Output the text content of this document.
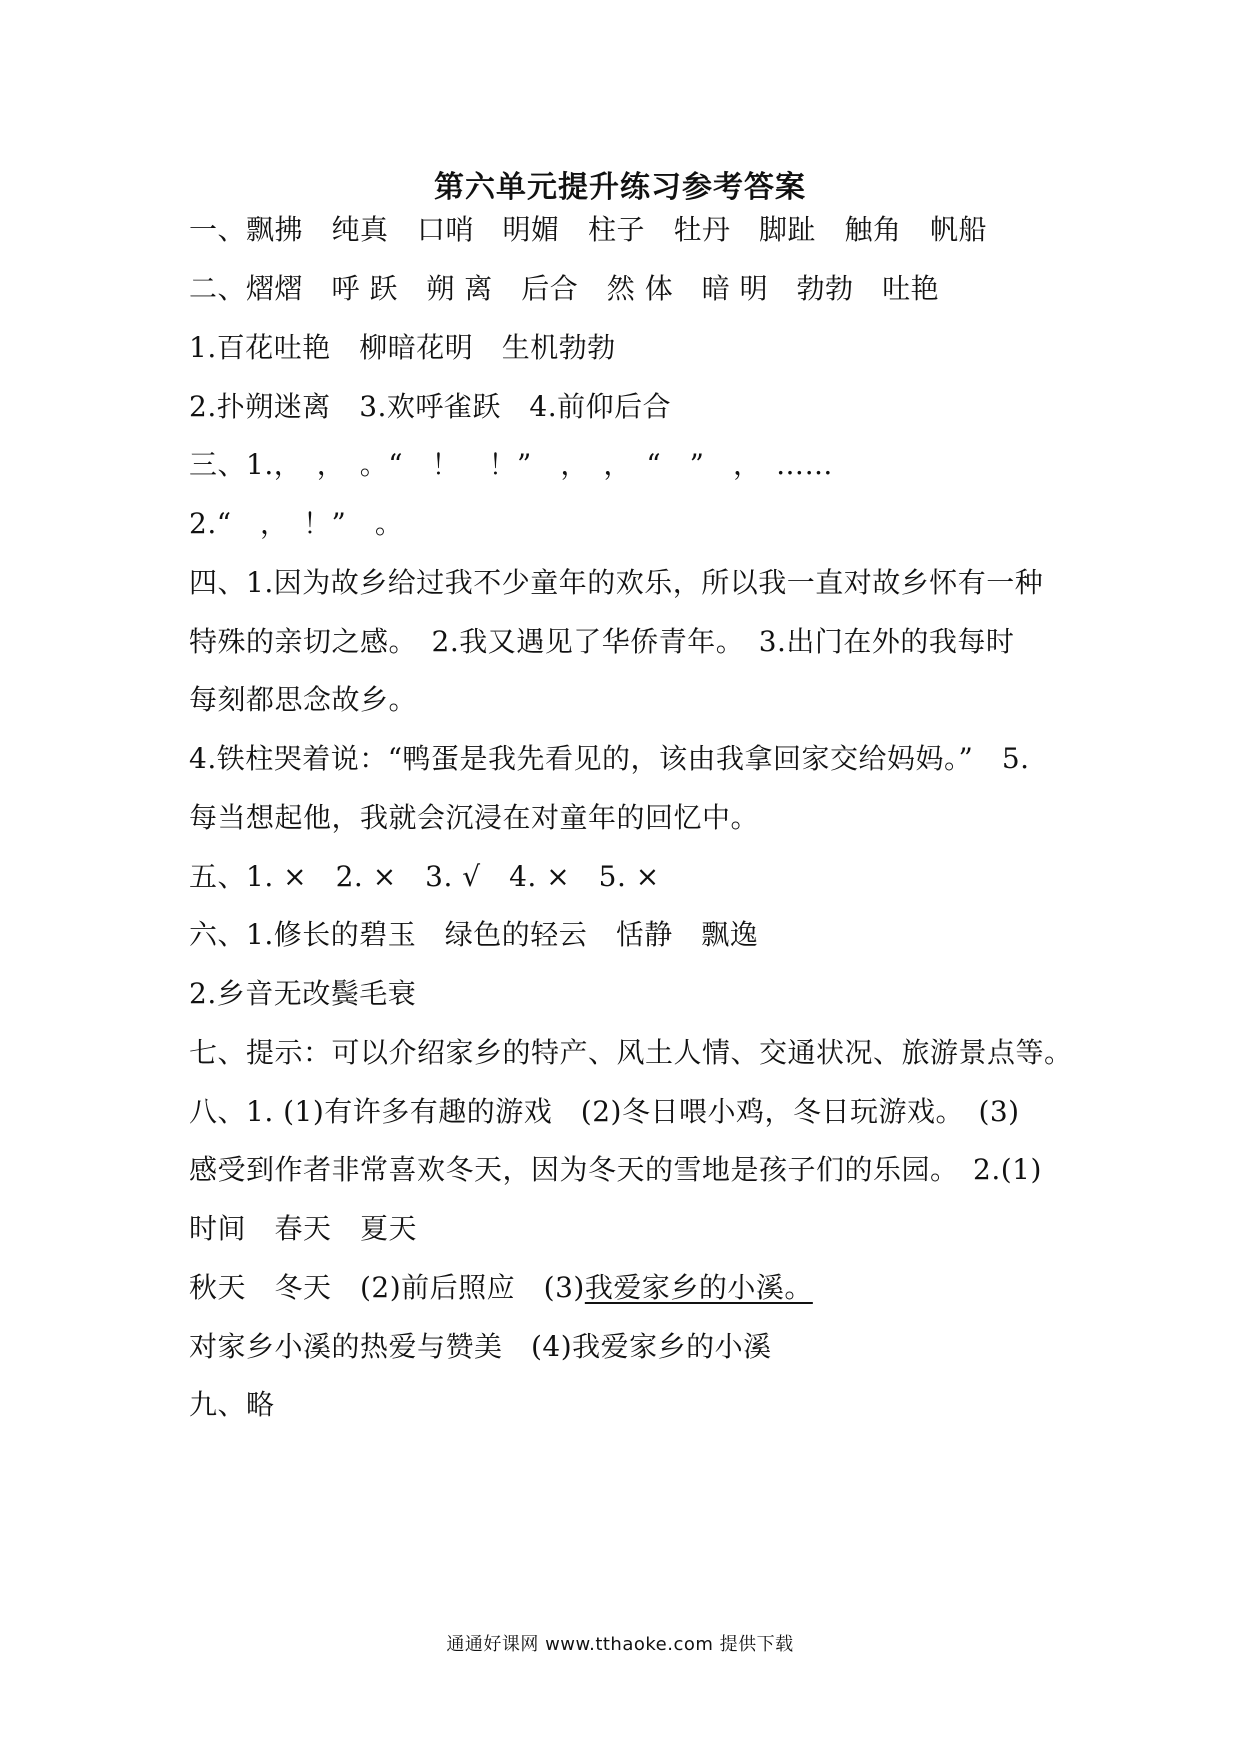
第六单元提升练习参考答案
一、飘拂　纯真　口哨　明媚　柱子　牡丹　脚趾　触角　帆船
二、熠熠　呼 跃　朔 离　后合　然 体　暗 明　勃勃　吐艳
1.百花吐艳　柳暗花明　生机勃勃
2.扑朔迷离　3.欢呼雀跃　4.前仰后合
三、1.，　，　。“　！　！”　，　，　“　”　，　……
2.“　，　！”　。
四、1.因为故乡给过我不少童年的欢乐，所以我一直对故乡怀有一种
特殊的亲切之感。　2.我又遇见了华侨青年。　3.出门在外的我每时
每刻都思念故乡。
4.铁柱哭着说：“鸭蛋是我先看见的，该由我拿回家交给妈妈。”　5.
每当想起他，我就会沉浸在对童年的回忆中。
五、1. ×　2. ×　3. √　4. ×　5. ×
六、1.修长的碧玉　绿色的轻云　恬静　飘逸
2.乡音无改鬓毛衰
七、提示：可以介绍家乡的特产、风土人情、交通状况、旅游景点等。
八、1. (1)有许多有趣的游戏　(2)冬日喂小鸡，冬日玩游戏。　(3)
感受到作者非常喜欢冬天，因为冬天的雪地是孩子们的乐园。　2.(1)
时间　春天　夏天
秋天　冬天　(2)前后照应　(3)我爱家乡的小溪。
对家乡小溪的热爱与赞美　(4)我爱家乡的小溪
九、略
通通好课网 www.tthaoke.com 提供下载
